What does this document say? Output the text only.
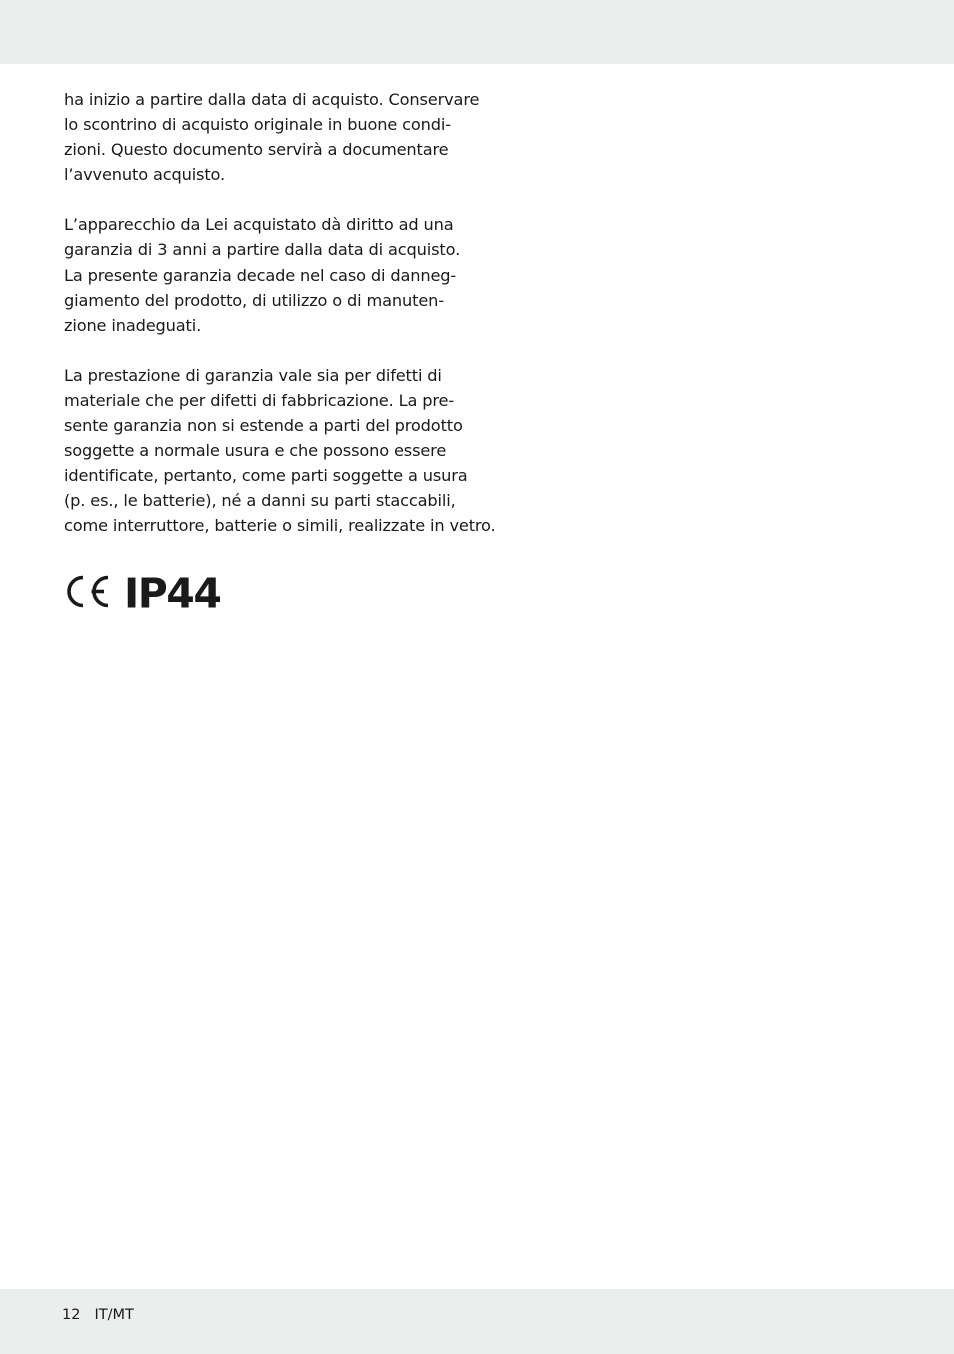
ha inizio a partire dalla data di acquisto. Conservare
lo scontrino di acquisto originale in buone condi-
zioni. Questo documento servirà a documentare
l’avvenuto acquisto.

L’apparecchio da Lei acquistato dà diritto ad una
garanzia di 3 anni a partire dalla data di acquisto.
La presente garanzia decade nel caso di danneg-
giamento del prodotto, di utilizzo o di manuten-
zione inadeguati.

La prestazione di garanzia vale sia per difetti di
materiale che per difetti di fabbricazione. La pre-
sente garanzia non si estende a parti del prodotto
soggette a normale usura e che possono essere
identificate, pertanto, come parti soggette a usura
(p. es., le batterie), né a danni su parti staccabili,
come interruttore, batterie o simili, realizzate in vetro.

IP44
12 IT/MT
